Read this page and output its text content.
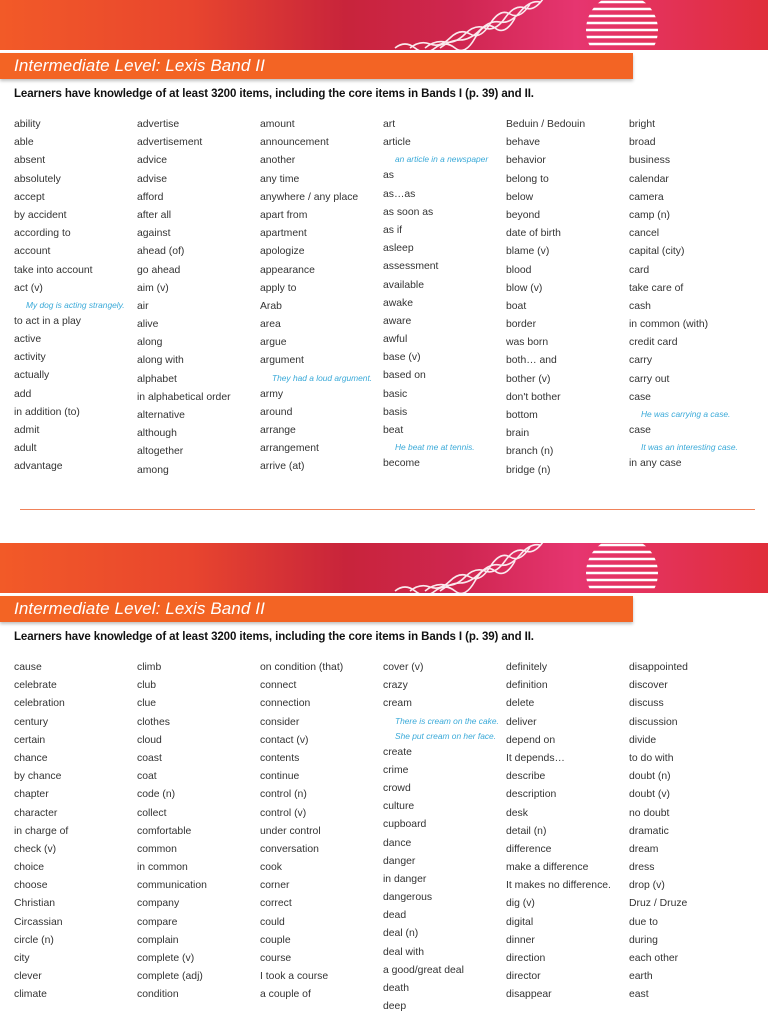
Intermediate Level: Lexis Band II
Learners have knowledge of at least 3200 items, including the core items in Bands I (p. 39) and II.
ability
able
absent
absolutely
accept
by accident
according to
account
take into account
act (v)
My dog is acting strangely.
to act in a play
active
activity
actually
add
in addition (to)
admit
adult
advantage
advertise
advertisement
advice
advise
afford
after all
against
ahead (of)
go ahead
aim (v)
air
alive
along
along with
alphabet
in alphabetical order
alternative
although
altogether
among
amount
announcement
another
any time
anywhere / any place
apart from
apartment
apologize
appearance
apply to
Arab
area
argue
argument
They had a loud argument.
army
around
arrange
arrangement
arrive (at)
art
article
an article in a newspaper
as
as…as
as soon as
as if
asleep
assessment
available
awake
aware
awful
base (v)
based on
basic
basis
beat
He beat me at tennis.
become
Beduin / Bedouin
behave
behavior
belong to
below
beyond
date of birth
blame (v)
blood
blow (v)
boat
border
was born
both… and
bother (v)
don't bother
bottom
brain
branch (n)
bridge (n)
bright
broad
business
calendar
camera
camp (n)
cancel
capital (city)
card
take care of
cash
in common (with)
credit card
carry
carry out
case
He was carrying a case.
case
It was an interesting case.
in any case
Intermediate Level: Lexis Band II
Learners have knowledge of at least 3200 items, including the core items in Bands I (p. 39) and II.
cause
celebrate
celebration
century
certain
chance
by chance
chapter
character
in charge of
check (v)
choice
choose
Christian
Circassian
circle (n)
city
clever
climate
climb
club
clue
clothes
cloud
coast
coat
code (n)
collect
comfortable
common
in common
communication
company
compare
complain
complete (v)
complete (adj)
condition
on condition (that)
connect
connection
consider
contact (v)
contents
continue
control (n)
control (v)
under control
conversation
cook
corner
correct
could
couple
course
I took a course
a couple of
cover (v)
crazy
cream
There is cream on the cake.
She put cream on her face.
create
crime
crowd
culture
cupboard
dance
danger
in danger
dangerous
dead
deal (n)
deal with
a good/great deal
death
deep
definitely
definition
delete
deliver
depend on
It depends…
describe
description
desk
detail (n)
difference
make a difference
It makes no difference.
dig (v)
digital
dinner
direction
director
disappear
disappointed
discover
discuss
discussion
divide
to do with
doubt (n)
doubt (v)
no doubt
dramatic
dream
dress
drop (v)
Druz / Druze
due to
during
each other
earth
east
